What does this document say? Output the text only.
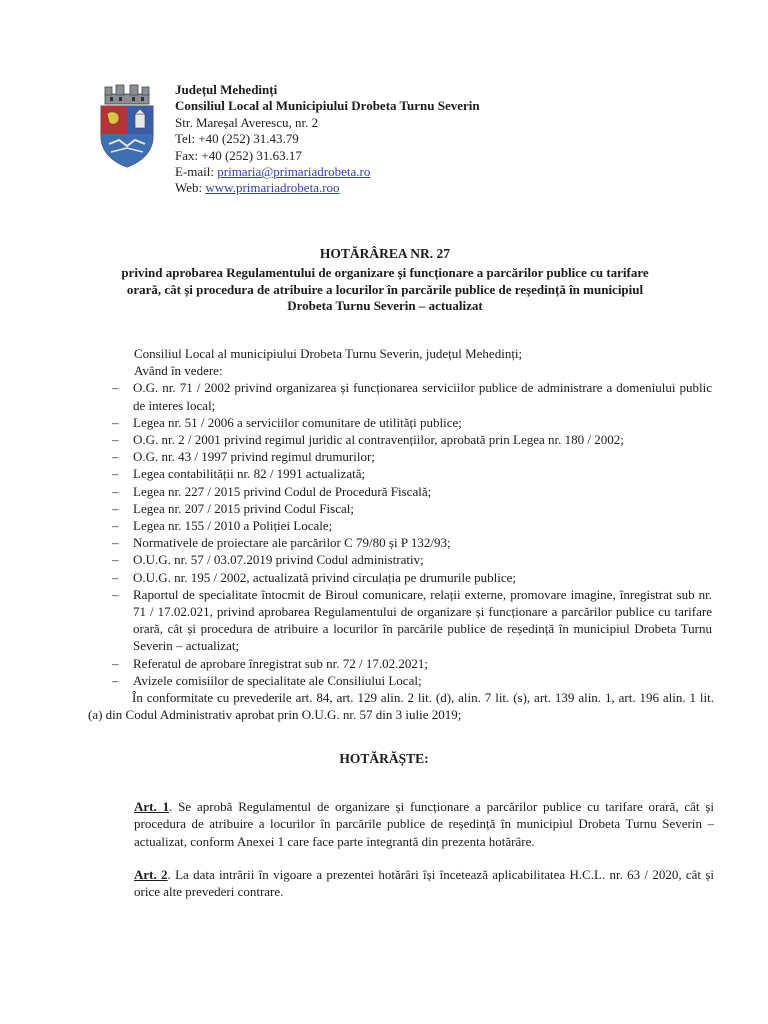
Județul Mehedinți
Consiliul Local al Municipiului Drobeta Turnu Severin
Str. Mareșal Averescu, nr. 2
Tel: +40 (252) 31.43.79
Fax: +40 (252) 31.63.17
E-mail: primaria@primariadrobeta.ro
Web: www.primariadrobeta.roo
HOTĂRÂREA NR. 27
privind aprobarea Regulamentului de organizare și funcționare a parcărilor publice cu tarifare
orară, cât și procedura de atribuire a locurilor în parcările publice de reședință în municipiul
Drobeta Turnu Severin – actualizat
Consiliul Local al municipiului Drobeta Turnu Severin, județul Mehedinți;
Având în vedere:
– O.G. nr. 71 / 2002 privind organizarea și funcționarea serviciilor publice de administrare a domeniului public de interes local;
– Legea nr. 51 / 2006 a serviciilor comunitare de utilități publice;
– O.G. nr. 2 / 2001 privind regimul juridic al contravențiilor, aprobată prin Legea nr. 180 / 2002;
– O.G. nr. 43 / 1997 privind regimul drumurilor;
– Legea contabilității nr. 82 / 1991 actualizată;
– Legea nr. 227 / 2015 privind Codul de Procedură Fiscală;
– Legea nr. 207 / 2015 privind Codul Fiscal;
– Legea nr. 155 / 2010 a Poliției Locale;
– Normativele de proiectare ale parcărilor C 79/80 și P 132/93;
– O.U.G. nr. 57 / 03.07.2019 privind Codul administrativ;
– O.U.G. nr. 195 / 2002, actualizată privind circulația pe drumurile publice;
– Raportul de specialitate întocmit de Biroul comunicare, relații externe, promovare imagine, înregistrat sub nr. 71 / 17.02.021, privind aprobarea Regulamentului de organizare și funcționare a parcărilor publice cu tarifare orară, cât și procedura de atribuire a locurilor în parcările publice de reședință în municipiul Drobeta Turnu Severin – actualizat;
– Referatul de aprobare înregistrat sub nr. 72 / 17.02.2021;
– Avizele comisiilor de specialitate ale Consiliului Local;
În conformitate cu prevederile art. 84, art. 129 alin. 2 lit. (d), alin. 7 lit. (s), art. 139 alin. 1, art. 196 alin. 1 lit. (a) din Codul Administrativ aprobat prin O.U.G. nr. 57 din 3 iulie 2019;
HOTĂRĂȘTE:
Art. 1. Se aprobă Regulamentul de organizare și funcționare a parcărilor publice cu tarifare orară, cât și procedura de atribuire a locurilor în parcările publice de reședință în municipiul Drobeta Turnu Severin – actualizat, conform Anexei 1 care face parte integrantă din prezenta hotărâre.
Art. 2. La data intrării în vigoare a prezentei hotărâri își încetează aplicabilitatea H.C.L. nr. 63 / 2020, cât și orice alte prevederi contrare.
